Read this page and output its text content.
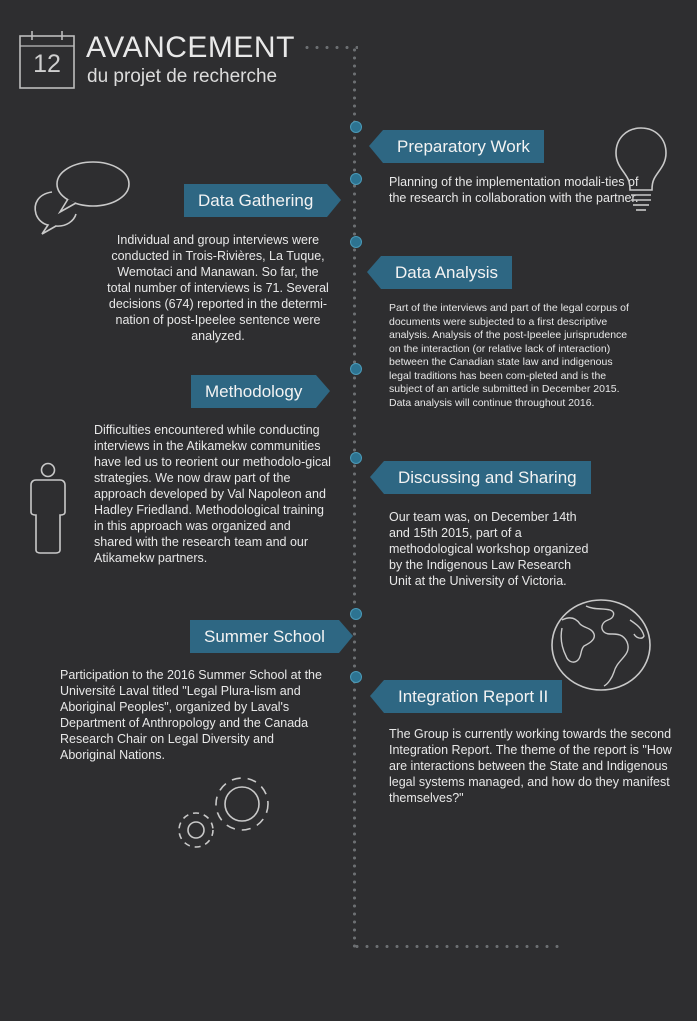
12 AVANCEMENT
du projet de recherche
Preparatory Work

Planning of the implementation modali-ties of the research in collaboration with the partner.

Data Gathering

Individual and group interviews were conducted in Trois-Rivières, La Tuque, Wemotaci and Manawan. So far, the total number of interviews is 71. Several decisions (674) reported in the determi-nation of post-Ipeelee sentence were analyzed.

Data Analysis

Part of the interviews and part of the legal corpus of documents were subjected to a first descriptive analysis. Analysis of the post-Ipeelee jurisprudence on the interaction (or relative lack of interaction) between the Canadian state law and indigenous legal traditions has been com-pleted and is the subject of an article submitted in December 2015. Data analysis will continue throughout 2016.

Methodology

Difficulties encountered while conducting interviews in the Atikamekw communities have led us to reorient our methodolo-gical strategies. We now draw part of the approach developed by Val Napoleon and Hadley Friedland. Methodological training in this approach was organized and shared with the research team and our Atikamekw partners.

Discussing and Sharing

Our team was, on December 14th and 15th 2015, part of a methodological workshop organized by the Indigenous Law Research Unit at the University of Victoria.

Summer School

Participation to the 2016 Summer School at the Université Laval titled "Legal Plura-lism and Aboriginal Peoples", organized by Laval's Department of Anthropology and the Canada Research Chair on Legal Diversity and Aboriginal Nations.

Integration Report II

The Group is currently working towards the second Integration Report. The theme of the report is "How are interactions between the State and Indigenous legal systems managed, and how do they manifest themselves?"
